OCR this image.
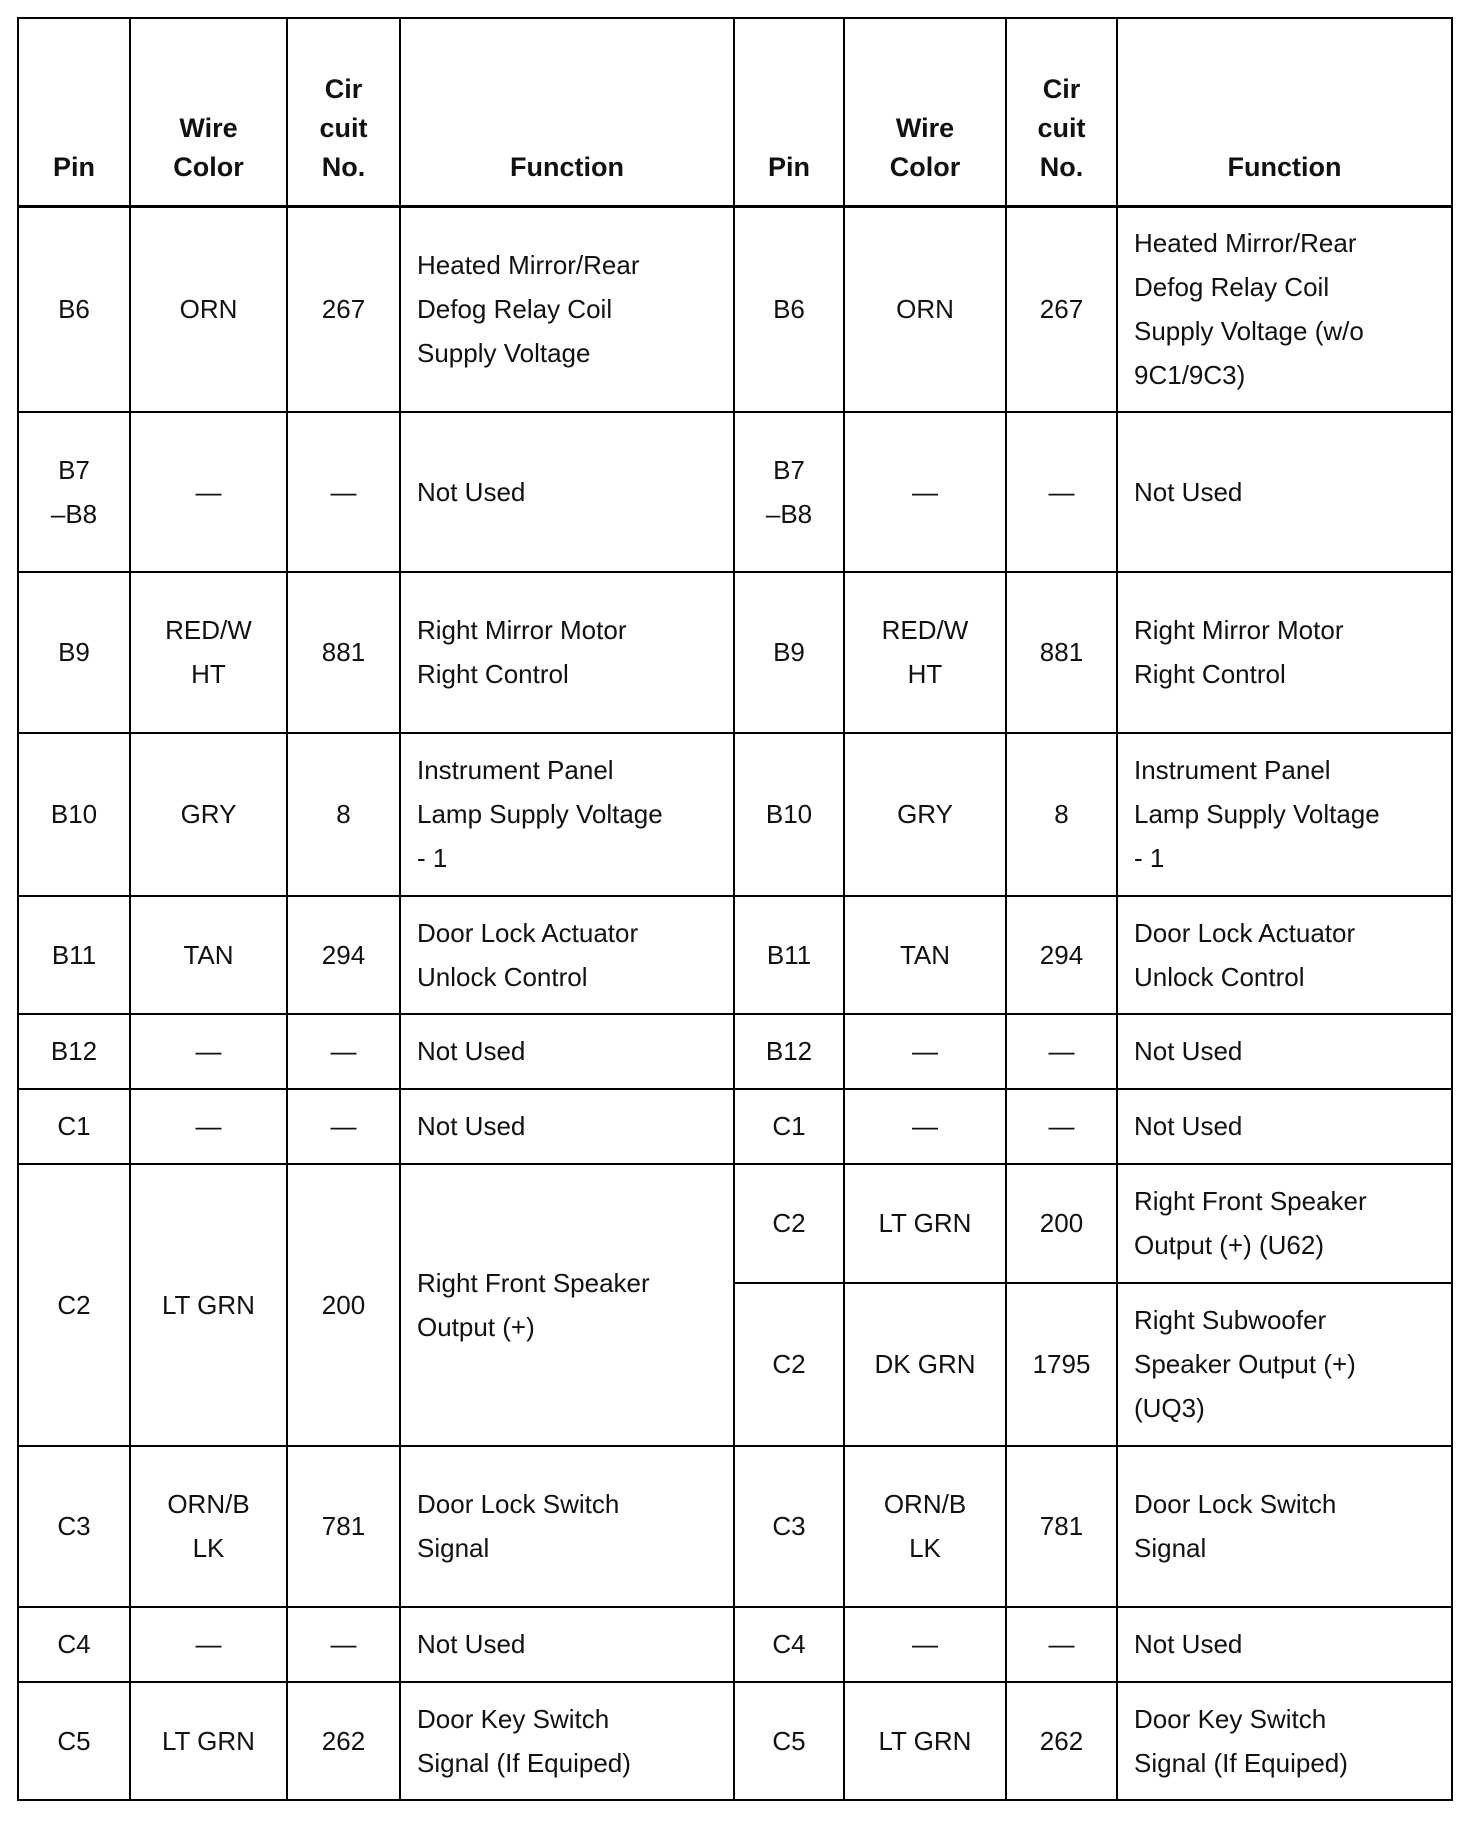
Pin	Wire
Color	Cir
cuit
No.	Function	Pin	Wire
Color	Cir
cuit
No.	Function
B6	ORN	267	Heated Mirror/Rear
Defog Relay Coil
Supply Voltage	B6	ORN	267	Heated Mirror/Rear
Defog Relay Coil
Supply Voltage (w/o
9C1/9C3)
B7
–B8	—	—	Not Used	B7
–B8	—	—	Not Used
B9	RED/W
HT	881	Right Mirror Motor
Right Control	B9	RED/W
HT	881	Right Mirror Motor
Right Control
B10	GRY	8	Instrument Panel
Lamp Supply Voltage
- 1	B10	GRY	8	Instrument Panel
Lamp Supply Voltage
- 1
B11	TAN	294	Door Lock Actuator
Unlock Control	B11	TAN	294	Door Lock Actuator
Unlock Control
B12	—	—	Not Used	B12	—	—	Not Used
C1	—	—	Not Used	C1	—	—	Not Used
C2	LT GRN	200	Right Front Speaker
Output (+)	C2	LT GRN	200	Right Front Speaker
Output (+) (U62)
				C2	DK GRN	1795	Right Subwoofer
Speaker Output (+)
(UQ3)
C3	ORN/B
LK	781	Door Lock Switch
Signal	C3	ORN/B
LK	781	Door Lock Switch
Signal
C4	—	—	Not Used	C4	—	—	Not Used
C5	LT GRN	262	Door Key Switch
Signal (If Equiped)	C5	LT GRN	262	Door Key Switch
Signal (If Equiped)
